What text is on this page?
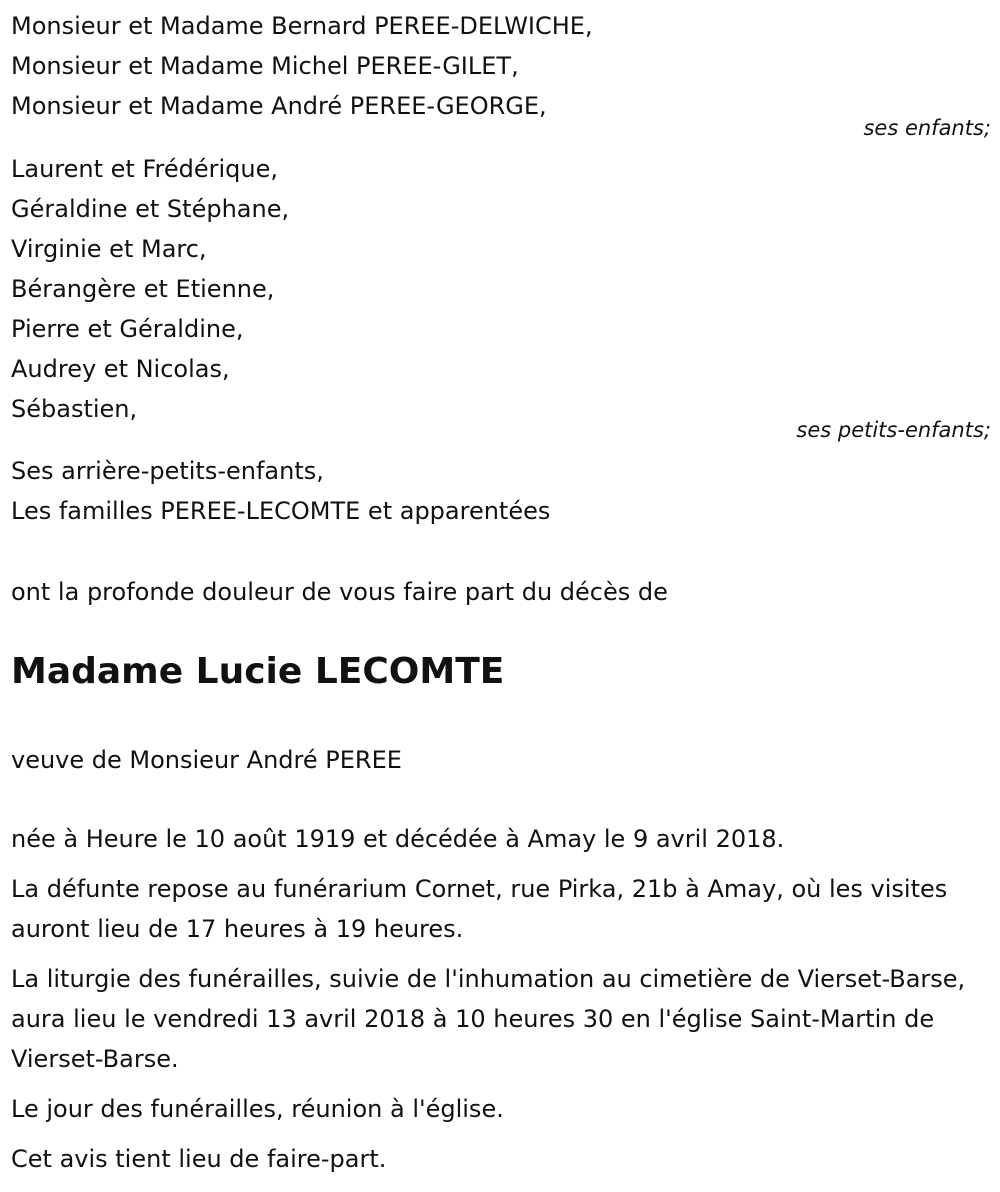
Monsieur et Madame Bernard PEREE-DELWICHE,
Monsieur et Madame Michel PEREE-GILET,
Monsieur et Madame André PEREE-GEORGE,
ses enfants;
Laurent et Frédérique,
Géraldine et Stéphane,
Virginie et Marc,
Bérangère et Etienne,
Pierre et Géraldine,
Audrey et Nicolas,
Sébastien,
ses petits-enfants;
Ses arrière-petits-enfants,
Les familles PEREE-LECOMTE et apparentées
ont la profonde douleur de vous faire part du décès de
Madame Lucie LECOMTE
veuve de Monsieur André PEREE

née à Heure le 10 août 1919 et décédée à Amay le 9 avril 2018.

La défunte repose au funérarium Cornet, rue Pirka, 21b à Amay, où les visites auront lieu de 17 heures à 19 heures.

La liturgie des funérailles, suivie de l'inhumation au cimetière de Vierset-Barse, aura lieu le vendredi 13 avril 2018 à 10 heures 30 en l'église Saint-Martin de Vierset-Barse.

Le jour des funérailles, réunion à l'église.

Cet avis tient lieu de faire-part.
